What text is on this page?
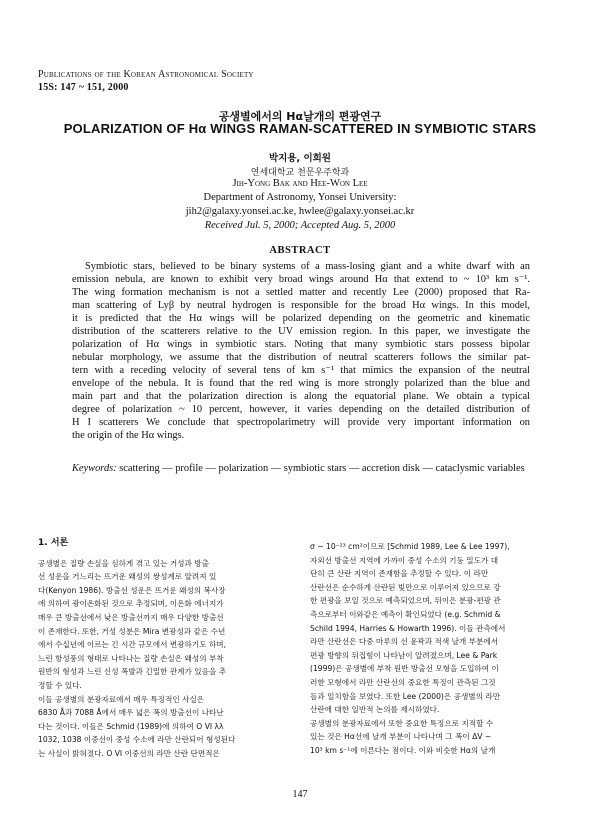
Publications of the Korean Astronomical Society
15S: 147 ~ 151, 2000
공생별에서의 Hα날개의 편광연구
POLARIZATION OF Hα WINGS RAMAN-SCATTERED IN SYMBIOTIC STARS
박지용, 이희원
연세대학교 천문우주학과
Jih-Yong Bak and Hee-Won Lee
Department of Astronomy, Yonsei University:
jih2@galaxy.yonsei.ac.ke, hwlee@galaxy.yonsei.ac.kr
Received Jul. 5, 2000; Accepted Aug. 5, 2000
ABSTRACT
Symbiotic stars, believed to be binary systems of a mass-losing giant and a white dwarf with an
emission nebula, are known to exhibit very broad wings around Hα that extend to ~ 10³ km s⁻¹.
The wing formation mechanism is not a settled matter and recently Lee (2000) proposed that Ra-
man scattering of Lyβ by neutral hydrogen is responsible for the broad Hα wings. In this model,
it is predicted that the Hα wings will be polarized depending on the geometric and kinematic
distribution of the scatterers relative to the UV emission region. In this paper, we investigate the
polarization of Hα wings in symbiotic stars. Noting that many symbiotic stars possess bipolar
nebular morphology, we assume that the distribution of neutral scatterers follows the similar pat-
tern with a receding velocity of several tens of km s⁻¹ that mimics the expansion of the neutral
envelope of the nebula. It is found that the red wing is more strongly polarized than the blue and
main part and that the polarization direction is along the equatorial plane. We obtain a typical
degree of polarization ~ 10 percent, however, it varies depending on the detailed distribution of
H I scatterers We conclude that spectropolarimetry will provide very important information on
the origin of the Hα wings.
Keywords: scattering — profile — polarization — symbiotic stars — accretion disk — cataclysmic variables
1. 서론
공생별은 질량 손실을 심하게 겪고 있는 거성과 방출
선 성운을 거느리는 뜨거운 왜성의 쌍성계로 알려져 있
다(Kenyon 1986). 방출선 성운은 뜨거운 왜성의 복사장
에 의하여 광이온화된 것으로 추정되며, 이온화 에너지가
매우 큰 방출선에서 낮은 방출선까지 매우 다양한 방출선
이 존재한다. 또한, 거성 성분은 Mira 변광성과 같은 수년
에서 수십년에 이르는 긴 시간 규모에서 변광하기도 하며,
느린 항성풍의 형태로 나타나는 질량 손실은 왜성의 부착
원반의 형성과 느린 신성 폭발과 긴밀한 관계가 있음을 추
정할 수 있다.
이들 공생별의 분광자료에서 매우 특징적인 사실은
6830 Å과 7088 Å에서 매우 넓은 폭의 방출선이 나타난
다는 것이다. 이들은 Schmid (1989)에 의하여 O VI λλ
1032, 1038 이중선이 중성 수소에 라만 산란되어 형성된다
는 사실이 밝혀졌다. O VI 이중선의 라만 산란 단면적은
σ ~ 10⁻²³ cm²이므로 [Schmid 1989, Lee & Lee 1997),
자외선 방출선 지역에 가까이 중성 수소의 기둥 밀도가 대
단히 큰 산란 지역이 존재함을 추정할 수 있다. 이 라만
산란선은 순수하게 산란된 빛만으로 이루어져 있으므로 강
한 편광을 보일 것으로 예측되었으며, 뒤이은 분광-편광 관
측으로부터 이와같은 예측이 확인되었다 (e.g. Schmid &
Schild 1994, Harries & Howarth 1996). 이들 관측에서
라만 산란선은 다중 마루의 선 윤곽과 적색 날개 부분에서
편광 방향의 뒤집힘이 나타남이 알려졌으며, Lee & Park
(1999)은 공생별에 부착 원반 방출선 모형을 도입하여 이
러한 모형에서 라만 산란선의 중요한 특징이 관측된 그것
들과 일치함을 보였다. 또한 Lee (2000)은 공생별의 라만
산란에 대한 일반적 논의를 제시하였다.
공생별의 분광자료에서 또한 중요한 특징으로 지적할 수
있는 것은 Hα선에 날개 부분이 나타나며 그 폭이 ΔV ~
10³ km s⁻¹에 이른다는 점이다. 이와 비슷한 Hα의 날개
147
